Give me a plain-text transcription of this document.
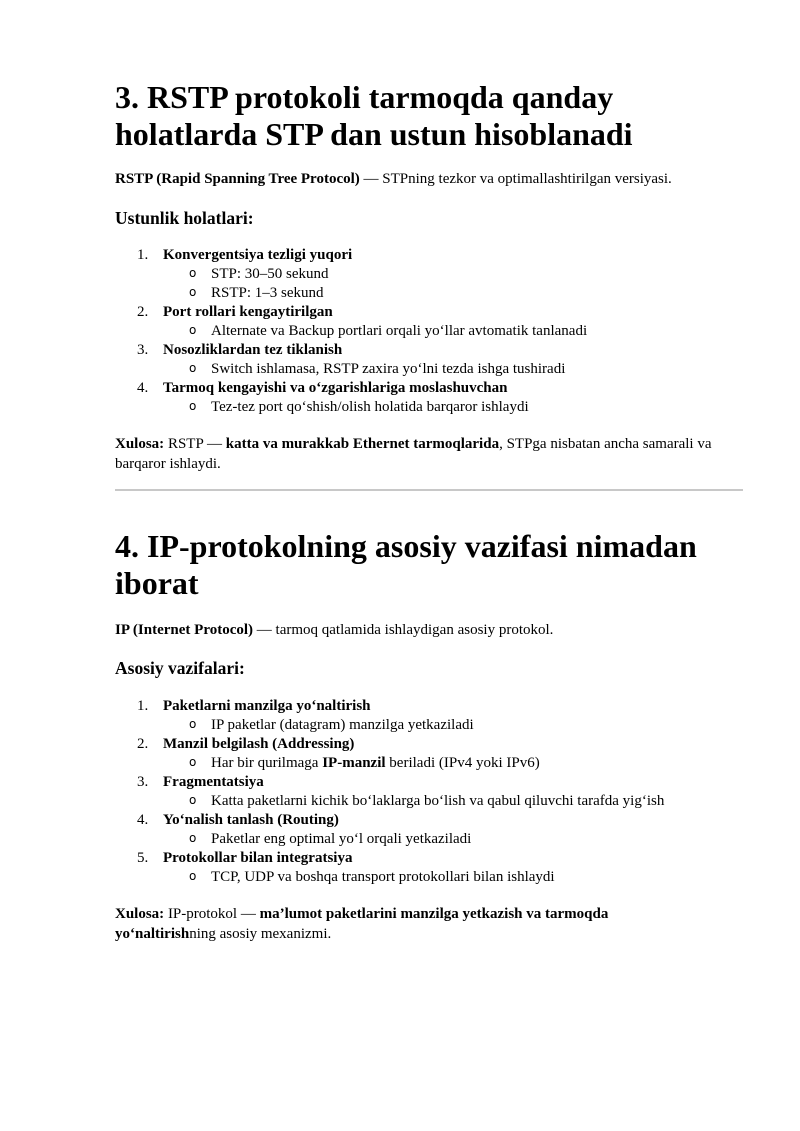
3. RSTP protokoli tarmoqda qanday holatlarda STP dan ustun hisoblanadi

RSTP (Rapid Spanning Tree Protocol) — STPning tezkor va optimallashtirilgan versiyasi.

Ustunlik holatlari:
1. Konvergentsiya tezligi yuqori
o STP: 30–50 sekund
o RSTP: 1–3 sekund
2. Port rollari kengaytirilgan
o Alternate va Backup portlari orqali yo‘llar avtomatik tanlanadi
3. Nosozliklardan tez tiklanish
o Switch ishlamasa, RSTP zaxira yo‘lni tezda ishga tushiradi
4. Tarmoq kengayishi va o‘zgarishlariga moslashuvchan
o Tez-tez port qo‘shish/olish holatida barqaror ishlaydi

Xulosa: RSTP — katta va murakkab Ethernet tarmoqlarida, STPga nisbatan ancha samarali va barqaror ishlaydi.

4. IP-protokolning asosiy vazifasi nimadan iborat

IP (Internet Protocol) — tarmoq qatlamida ishlaydigan asosiy protokol.

Asosiy vazifalari:
1. Paketlarni manzilga yo‘naltirish
o IP paketlar (datagram) manzilga yetkaziladi
2. Manzil belgilash (Addressing)
o Har bir qurilmaga IP-manzil beriladi (IPv4 yoki IPv6)
3. Fragmentatsiya
o Katta paketlarni kichik bo‘laklarga bo‘lish va qabul qiluvchi tarafda yig‘ish
4. Yo‘nalish tanlash (Routing)
o Paketlar eng optimal yo‘l orqali yetkaziladi
5. Protokollar bilan integratsiya
o TCP, UDP va boshqa transport protokollari bilan ishlaydi

Xulosa: IP-protokol — ma’lumot paketlarini manzilga yetkazish va tarmoqda yo‘naltirishning asosiy mexanizmi.
